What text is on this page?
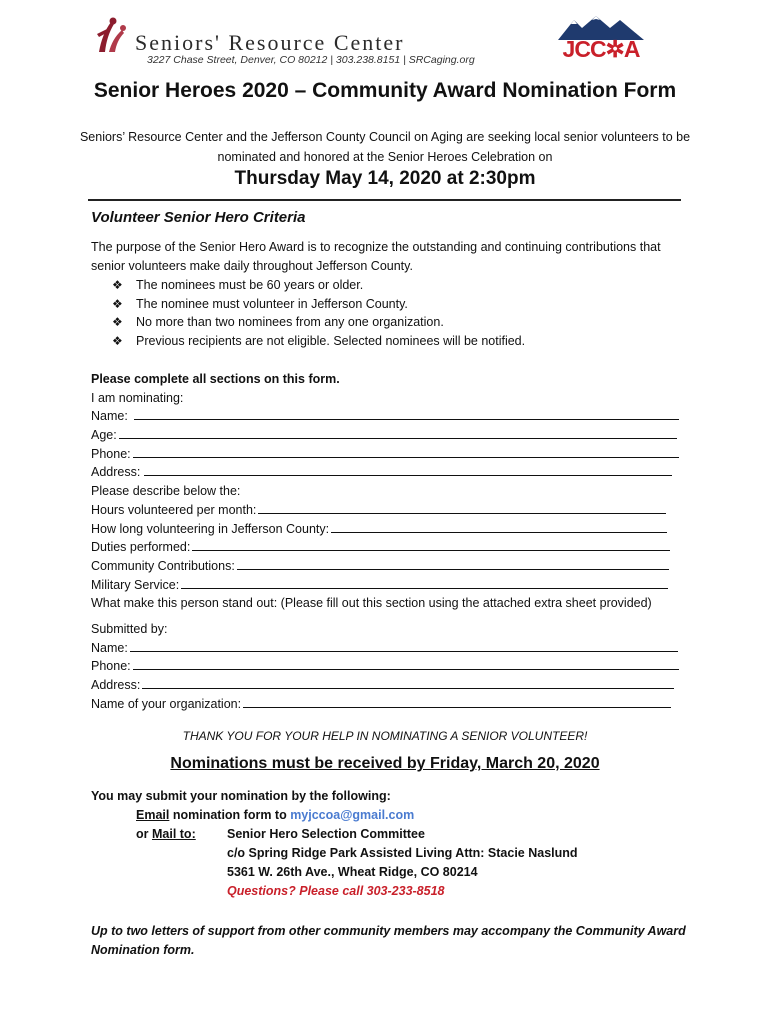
Seniors' Resource Center
3227 Chase Street, Denver, CO 80212 | 303.238.8151 | SRCaging.org	JCC✲A
Senior Heroes 2020 – Community Award Nomination Form
Seniors’ Resource Center and the Jefferson County Council on Aging are seeking local senior volunteers to be nominated and honored at the Senior Heroes Celebration on
Thursday May 14, 2020 at 2:30pm
Volunteer Senior Hero Criteria
The purpose of the Senior Hero Award is to recognize the outstanding and continuing contributions that senior volunteers make daily throughout Jefferson County.
❖ The nominees must be 60 years or older.
❖ The nominee must volunteer in Jefferson County.
❖ No more than two nominees from any one organization.
❖ Previous recipients are not eligible. Selected nominees will be notified.
Please complete all sections on this form.
I am nominating:
Name:
Age:
Phone:
Address:
Please describe below the:
Hours volunteered per month:
How long volunteering in Jefferson County:
Duties performed:
Community Contributions:
Military Service:
What make this person stand out: (Please fill out this section using the attached extra sheet provided)
Submitted by:
Name:
Phone:
Address:
Name of your organization:
THANK YOU FOR YOUR HELP IN NOMINATING A SENIOR VOLUNTEER!
Nominations must be received by Friday, March 20, 2020
You may submit your nomination by the following:
Email nomination form to myjccoa@gmail.com
or Mail to:	Senior Hero Selection Committee
c/o Spring Ridge Park Assisted Living Attn: Stacie Naslund
5361 W. 26th Ave., Wheat Ridge, CO 80214
Questions? Please call 303-233-8518
Up to two letters of support from other community members may accompany the Community Award Nomination form.
